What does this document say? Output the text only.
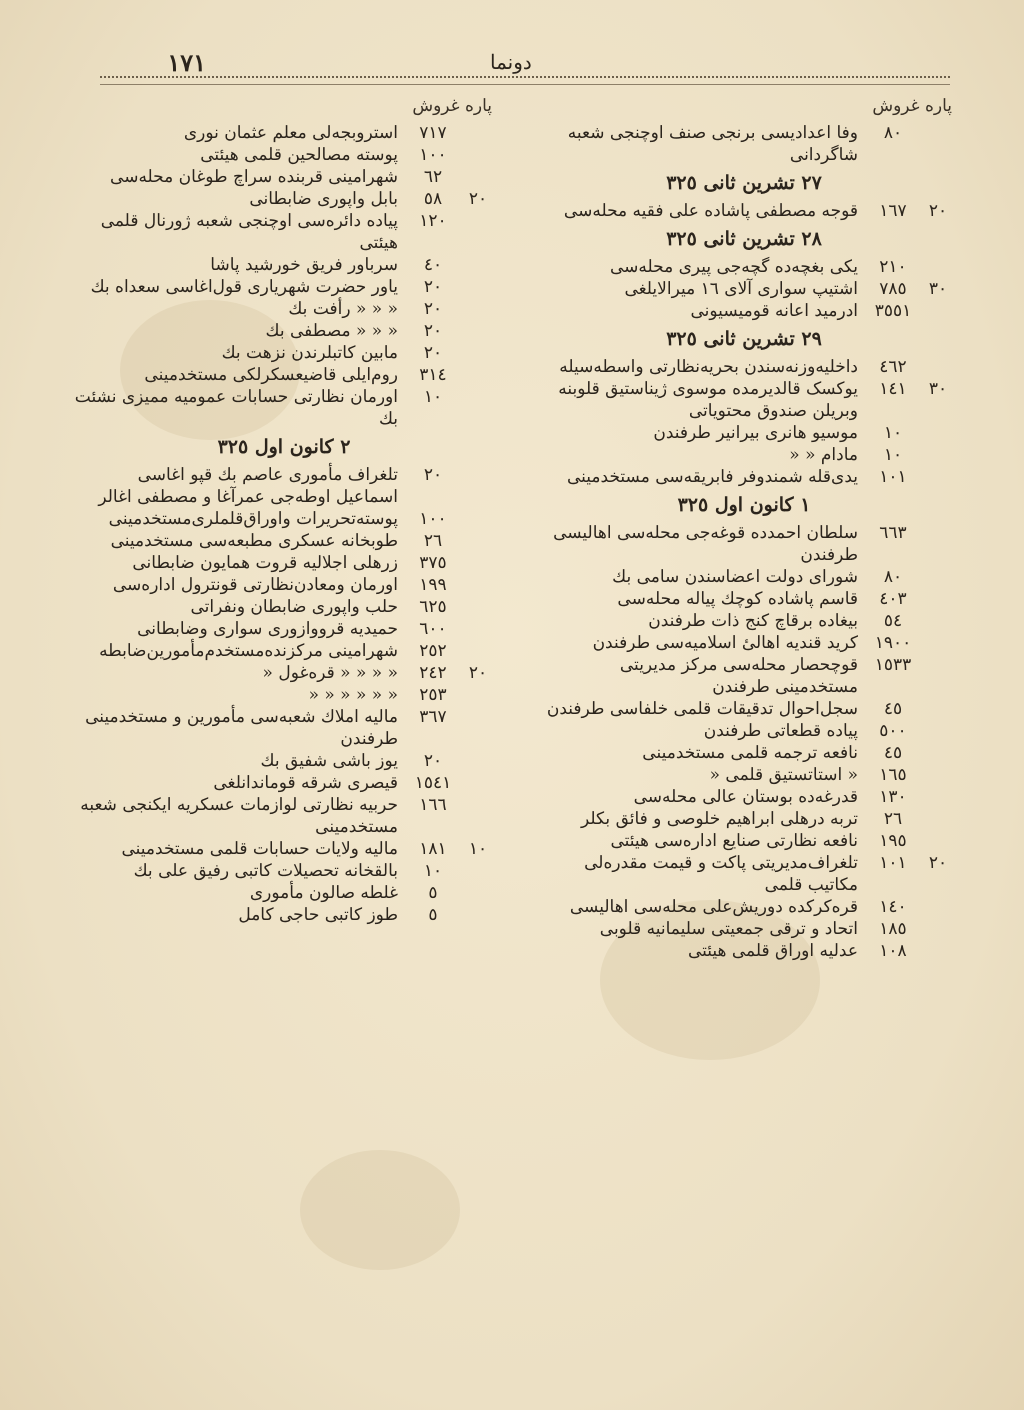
١٧١	دونما
پاره غروش
٨٠
وفا اعدادیسی برنجی صنف اوچنجی شعبه شاگردانی
٢٧ تشرین ثانی ٣٢٥
٢٠
١٦٧
قوجه مصطفی پاشاده علی فقیه محله‌سی
٢٨ تشرین ثانی ٣٢٥
٢١٠
یکی بغچه‌ده گچه‌جی پیری محله‌سی
٣٠
٧٨٥
اشتیپ سواری آلای ١٦ میرالایلغی
٣٥٥١
ادرمید اعانه قومیسیونی
٢٩ تشرین ثانی ٣٢٥
٤٦٢
داخلیه‌وزنه‌سندن بحریه‌نظارتی واسطه‌سیله
٣٠
١٤١
یوکسک قالدیرمده موسوی ژیناستیق قلوبنه وبریلن صندوق محتویاتی
١٠
موسیو هانری بیرانیر طرفندن
١٠
مادام « «
١٠١
یدی‌قله شمندوفر فابریقه‌سی مستخدمینی
١ کانون اول ٣٢٥
٦٦٣
سلطان احمدده قوغه‌جی محله‌سی اهالیسی طرفندن
٨٠
شورای دولت اعضاسندن سامی بك
٤٠٣
قاسم پاشاده کوچك پیاله محله‌سی
٥٤
بیغاده برقاچ کنج ذات طرفندن
١٩٠٠
کرید قندیه اهالیٔ اسلامیه‌سی طرفندن
١٥٣٣
قوچحصار محله‌سی مرکز مدیریتی مستخدمینی طرفندن
٤٥
سجل‌احوال تدقیقات قلمی خلفاسی طرفندن
٥٠٠
پیاده قطعاتی طرفندن
٤٥
نافعه ترجمه قلمی مستخدمینی
١٦٥
« استاتستیق قلمی «
١٣٠
قدرغه‌ده بوستان عالی محله‌سی
٢٦
تربه درهلی ابراهیم خلوصی و فائق بکلر
١٩٥
نافعه نظارتی صنایع اداره‌سی هیئتی
٢٠
١٠١
تلغراف‌مدیریتی پاکت و قیمت مقدره‌لی مکاتیب قلمی
١٤٠
قره‌کرکده دوریش‌علی محله‌سی اهالیسی
١٨٥
اتحاد و ترقی جمعیتی سلیمانیه قلوبی
١٠٨
عدلیه اوراق قلمی هیئتی
پاره غروش
٧١٧
استروبجه‌لی معلم عثمان نوری
١٠٠
پوسته مصالحین قلمی هیئتی
٦٢
شهرامینی قربنده سراچ طوغان محله‌سی
٢٠
٥٨
بابل واپوری ضابطانی
١٢٠
پیاده دائره‌سی اوچنجی شعبه ژورنال قلمی هیئتی
٤٠
سرباور فریق خورشید پاشا
٢٠
یاور حضرت شهریاری قول‌اغاسی سعداه بك
٢٠
« « « رأفت بك
٢٠
« « « مصطفی بك
٢٠
مابین کاتبلرندن نزهت بك
٣١٤
روم‌ایلی قاضیعسکرلکی مستخدمینی
١٠
اورمان نظارتی حسابات عمومیه ممیزی نشئت بك
٢ کانون اول ٣٢٥
٢٠
تلغراف مأموری عاصم بك قپو اغاسی اسماعیل اوطه‌جی عمرآغا و مصطفی اغالر
١٠٠
پوسته‌تحریرات واوراق‌قلملری‌مستخدمینی
٢٦
طوبخانه عسکری مطبعه‌سی مستخدمینی
٣٧٥
زرهلی اجلالیه قروت همایون ضابطانی
١٩٩
اورمان ومعادن‌نظارتی قونترول اداره‌سی
٦٢٥
حلب واپوری ضابطان ونفراتی
٦٠٠
حمیدیه قرووازوری سواری وضابطانی
٢٥٢
شهرامینی مرکزنده‌مستخدم‌مأمورین‌ضابطه
٢٠
٢٤٢
« « « « قره‌غول «
٢٥٣
« « « « « «
٣٦٧
مالیه املاك شعبه‌سی مأمورین و مستخدمینی طرفندن
٢٠
یوز باشی شفیق بك
١٥٤١
قیصری شرقه قوماندانلغی
١٦٦
حربیه نظارتی لوازمات عسکریه ایکنجی شعبه مستخدمینی
١٠
١٨١
مالیه ولایات حسابات قلمی مستخدمینی
١٠
بالقخانه تحصیلات کاتبی رفیق علی بك
٥
غلطه صالون مأموری
٥
طوز کاتبی حاجی کامل
